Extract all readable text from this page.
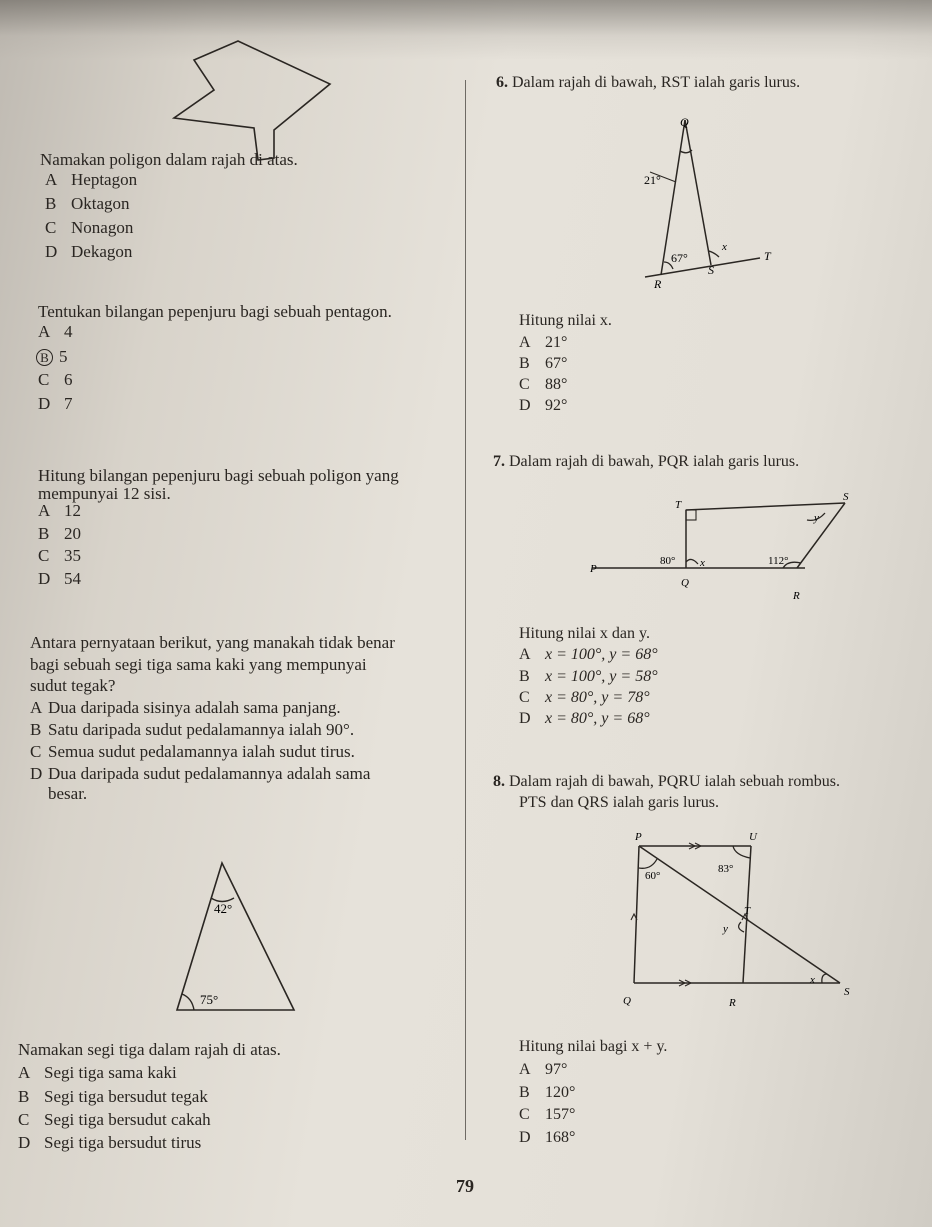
Namakan poligon dalam rajah di atas.
A Heptagon
B Oktagon
C Nonagon
D Dekagon
Tentukan bilangan pepenjuru bagi sebuah pentagon.
A 4
B 5
C 6
D 7
Hitung bilangan pepenjuru bagi sebuah poligon yang
mempunyai 12 sisi.
A 12
B 20
C 35
D 54
Antara pernyataan berikut, yang manakah tidak benar
bagi sebuah segi tiga sama kaki yang mempunyai
sudut tegak?
A Dua daripada sisinya adalah sama panjang.
B Satu daripada sudut pedalamannya ialah 90°.
C Semua sudut pedalamannya ialah sudut tirus.
D Dua daripada sudut pedalamannya adalah sama
besar.
42°
75°
Namakan segi tiga dalam rajah di atas.
A Segi tiga sama kaki
B Segi tiga bersudut tegak
C Segi tiga bersudut cakah
D Segi tiga bersudut tirus
6. Dalam rajah di bawah, RST ialah garis lurus.
Q
21°
67°
x
R
S
T
Hitung nilai x.
A 21°
B 67°
C 88°
D 92°
7. Dalam rajah di bawah, PQR ialah garis lurus.
T
S
y
P
80° x	112°
Q
R
Hitung nilai x dan y.
A x = 100°, y = 68°
B x = 100°, y = 58°
C x = 80°, y = 78°
D x = 80°, y = 68°
8. Dalam rajah di bawah, PQRU ialah sebuah rombus.
PTS dan QRS ialah garis lurus.
P	U
60°
83°
T
y
x
S
Q	R
Hitung nilai bagi x + y.
A 97°
B 120°
C 157°
D 168°
79
